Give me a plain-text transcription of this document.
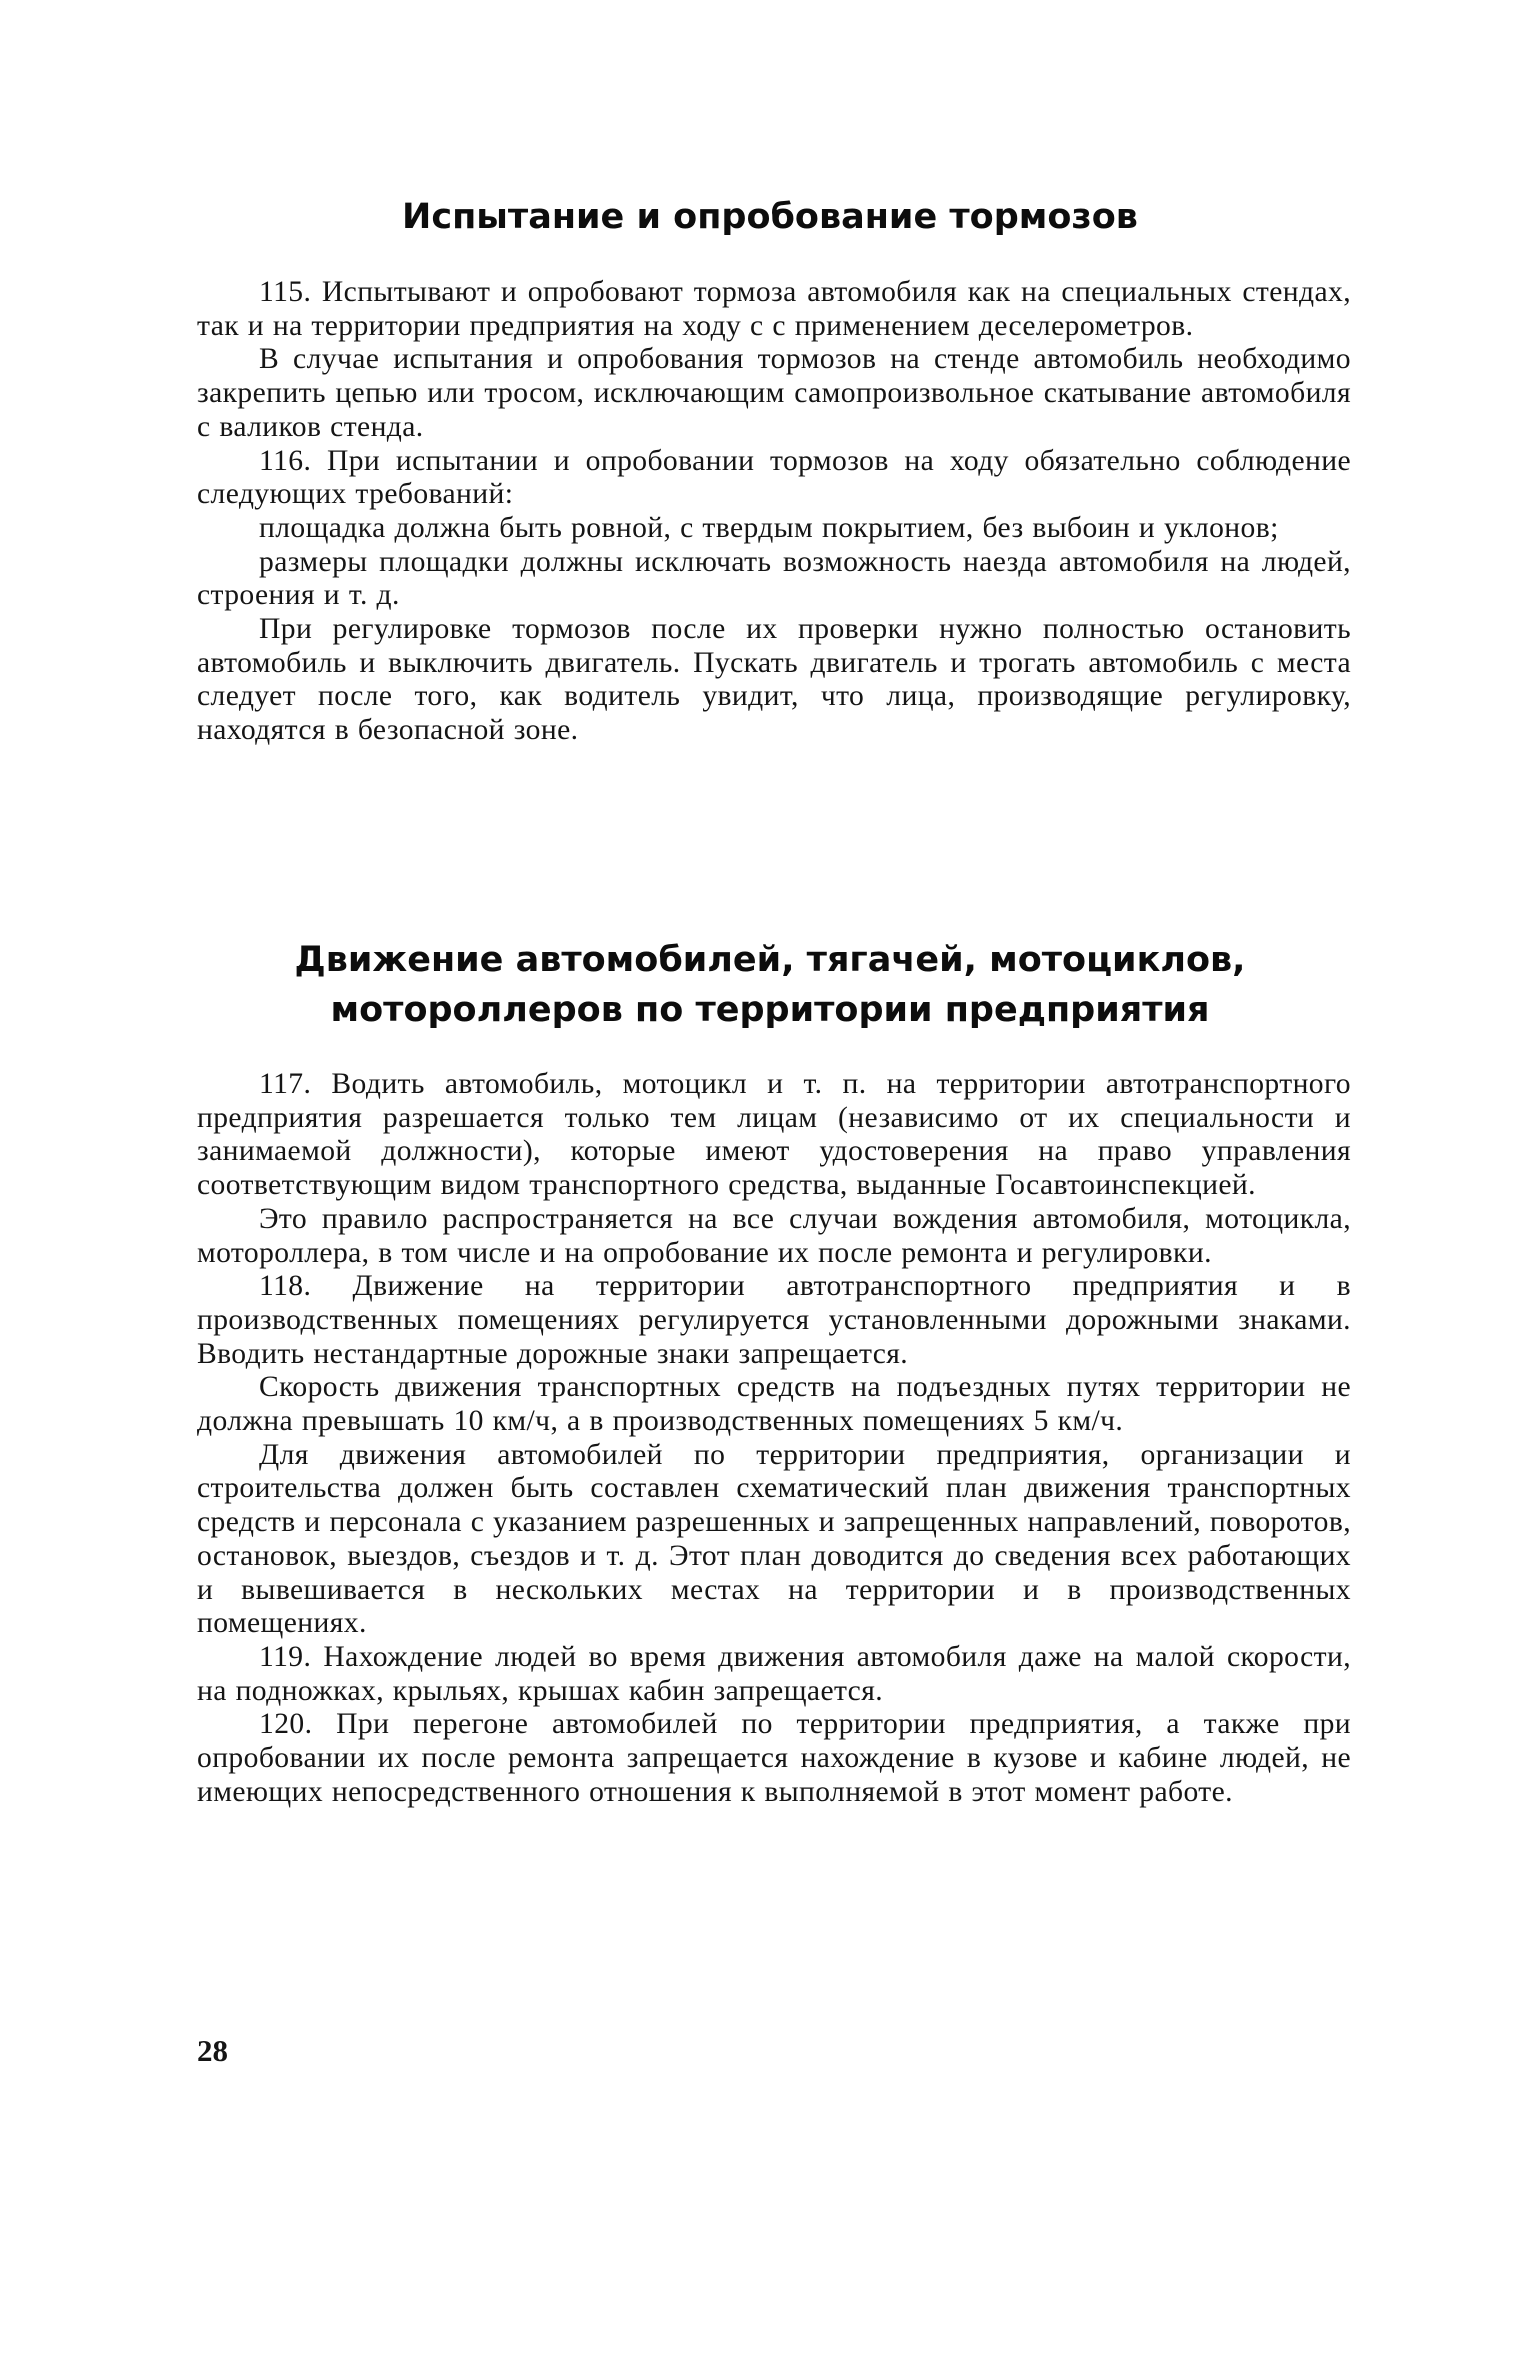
Испытание и опробование тормозов

115. Испытывают и опробовают тормоза автомобиля как на специальных стендах, так и на территории предприятия на ходу с с применением деселерометров.

В случае испытания и опробования тормозов на стенде автомобиль необходимо закрепить цепью или тросом, исключающим самопроизвольное скатывание автомобиля с валиков стенда.

116. При испытании и опробовании тормозов на ходу обязательно соблюдение следующих требований:

площадка должна быть ровной, с твердым покрытием, без выбоин и уклонов;

размеры площадки должны исключать возможность наезда автомобиля на людей, строения и т. д.

При регулировке тормозов после их проверки нужно полностью остановить автомобиль и выключить двигатель. Пускать двигатель и трогать автомобиль с места следует после того, как водитель увидит, что лица, производящие регулировку, находятся в безопасной зоне.

Движение автомобилей, тягачей, мотоциклов,
мотороллеров по территории предприятия

117. Водить автомобиль, мотоцикл и т. п. на территории автотранспортного предприятия разрешается только тем лицам (независимо от их специальности и занимаемой должности), которые имеют удостоверения на право управления соответствующим видом транспортного средства, выданные Госавтоинспекцией.

Это правило распространяется на все случаи вождения автомобиля, мотоцикла, мотороллера, в том числе и на опробование их после ремонта и регулировки.

118. Движение на территории автотранспортного предприятия и в производственных помещениях регулируется установленными дорожными знаками. Вводить нестандартные дорожные знаки запрещается.

Скорость движения транспортных средств на подъездных путях территории не должна превышать 10 км/ч, а в производственных помещениях 5 км/ч.

Для движения автомобилей по территории предприятия, организации и строительства должен быть составлен схематический план движения транспортных средств и персонала с указанием разрешенных и запрещенных направлений, поворотов, остановок, выездов, съездов и т. д. Этот план доводится до сведения всех работающих и вывешивается в нескольких местах на территории и в производственных помещениях.

119. Нахождение людей во время движения автомобиля даже на малой скорости, на подножках, крыльях, крышах кабин запрещается.

120. При перегоне автомобилей по территории предприятия, а также при опробовании их после ремонта запрещается нахождение в кузове и кабине людей, не имеющих непосредственного отношения к выполняемой в этот момент работе.

28
